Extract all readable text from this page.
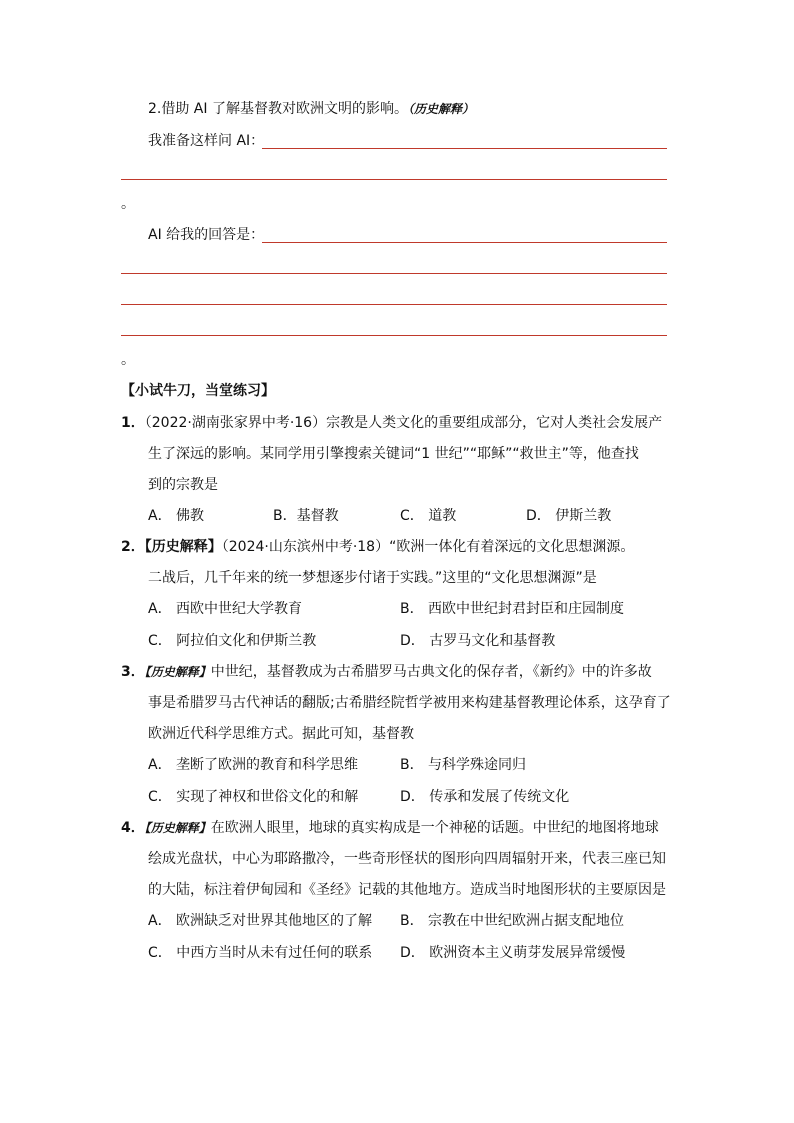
2.借助 AI 了解基督教对欧洲文明的影响。（历史解释）
我准备这样问 AI：
。
AI 给我的回答是：
。
【小试牛刀，当堂练习】
1．（2022·湖南张家界中考·16）宗教是人类文化的重要组成部分，它对人类社会发展产
生了深远的影响。某同学用引擎搜索关键词“1 世纪”“耶稣”“救世主”等，他查找
到的宗教是
A． 佛教	B．基督教	C． 道教	D． 伊斯兰教
2．【历史解释】（2024·山东滨州中考·18）“欧洲一体化有着深远的文化思想渊源。
二战后，几千年来的统一梦想逐步付诸于实践。”这里的“文化思想渊源”是
A． 西欧中世纪大学教育	B． 西欧中世纪封君封臣和庄园制度
C． 阿拉伯文化和伊斯兰教	D． 古罗马文化和基督教
3．【历史解释】中世纪，基督教成为古希腊罗马古典文化的保存者，《新约》中的许多故
事是希腊罗马古代神话的翻版;古希腊经院哲学被用来构建基督教理论体系，这孕育了
欧洲近代科学思维方式。据此可知，基督教
A． 垄断了欧洲的教育和科学思维	B． 与科学殊途同归
C． 实现了神权和世俗文化的和解	D． 传承和发展了传统文化
4．【历史解释】在欧洲人眼里，地球的真实构成是一个神秘的话题。中世纪的地图将地球
绘成光盘状，中心为耶路撒冷，一些奇形怪状的图形向四周辐射开来，代表三座已知
的大陆，标注着伊甸园和《圣经》记载的其他地方。造成当时地图形状的主要原因是
A． 欧洲缺乏对世界其他地区的了解 B． 宗教在中世纪欧洲占据支配地位
C． 中西方当时从未有过任何的联系 D． 欧洲资本主义萌芽发展异常缓慢
